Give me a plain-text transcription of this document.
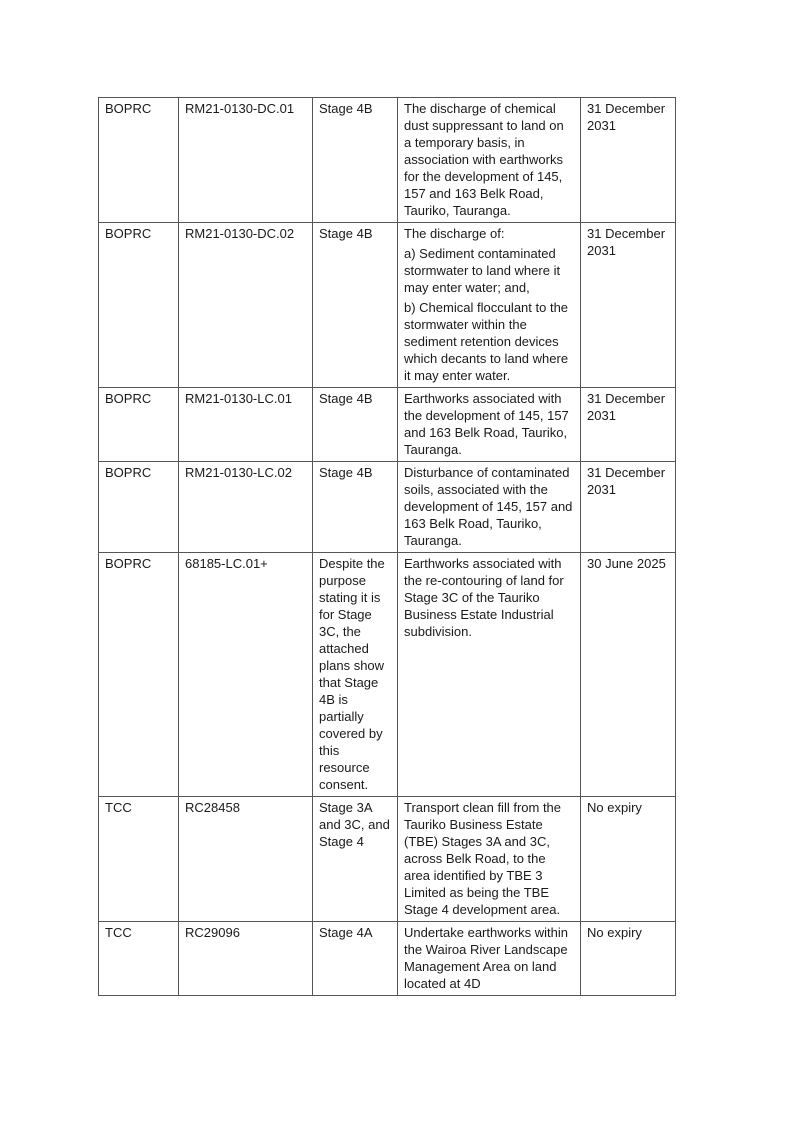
BOPRC	RM21-0130-DC.01	Stage 4B	The discharge of chemical dust suppressant to land on a temporary basis, in association with earthworks for the development of 145, 157 and 163 Belk Road, Tauriko, Tauranga.	31 December 2031
BOPRC	RM21-0130-DC.02	Stage 4B	The discharge of:
a) Sediment contaminated stormwater to land where it may enter water; and,
b) Chemical flocculant to the stormwater within the sediment retention devices which decants to land where it may enter water.	31 December 2031
BOPRC	RM21-0130-LC.01	Stage 4B	Earthworks associated with the development of 145, 157 and 163 Belk Road, Tauriko, Tauranga.	31 December 2031
BOPRC	RM21-0130-LC.02	Stage 4B	Disturbance of contaminated soils, associated with the development of 145, 157 and 163 Belk Road, Tauriko, Tauranga.	31 December 2031
BOPRC	68185-LC.01+	Despite the purpose stating it is for Stage 3C, the attached plans show that Stage 4B is partially covered by this resource consent.	Earthworks associated with the re-contouring of land for Stage 3C of the Tauriko Business Estate Industrial subdivision.	30 June 2025
TCC	RC28458	Stage 3A and 3C, and Stage 4	Transport clean fill from the Tauriko Business Estate (TBE) Stages 3A and 3C, across Belk Road, to the area identified by TBE 3 Limited as being the TBE Stage 4 development area.	No expiry
TCC	RC29096	Stage 4A	Undertake earthworks within the Wairoa River Landscape Management Area on land located at 4D	No expiry
